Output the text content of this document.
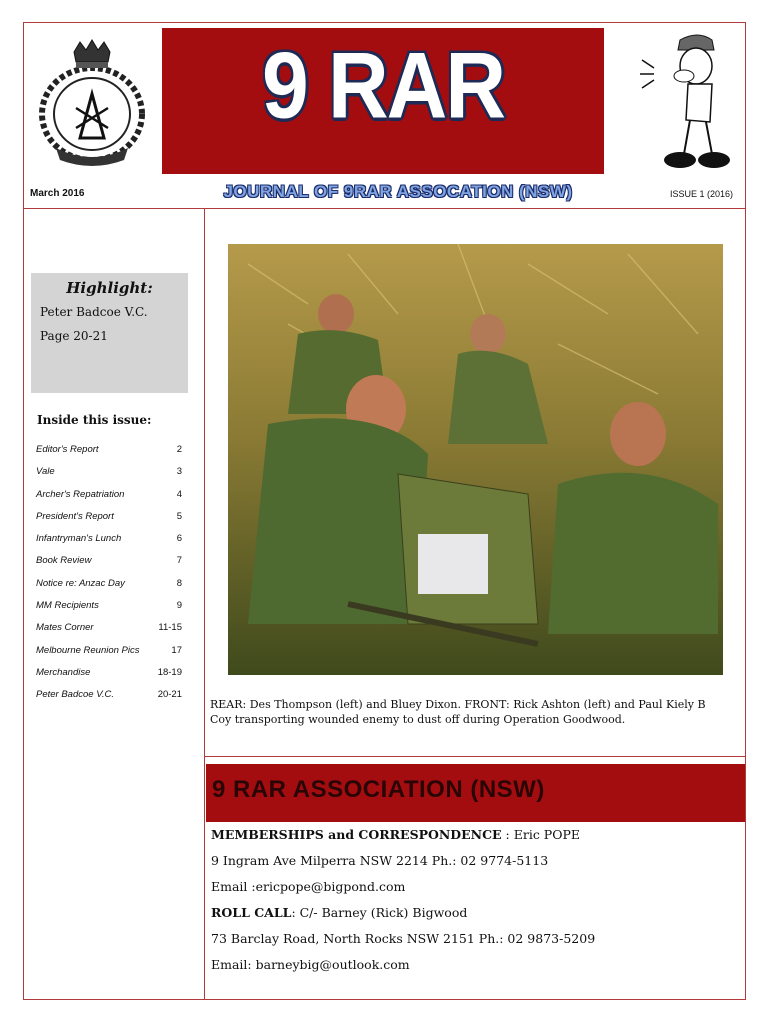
9 RAR
March 2016	JOURNAL OF 9RAR ASSOCATION (NSW)	ISSUE 1 (2016)
Highlight:
Peter Badcoe V.C.
Page 20-21
Inside this issue:
Editor's Report	2
Vale	3
Archer's Repatriation	4
President's Report	5
Infantryman's Lunch	6
Book Review	7
Notice re: Anzac Day	8
MM Recipients	9
Mates Corner	11-15
Melbourne Reunion Pics	17
Merchandise	18-19
Peter Badcoe V.C.	20-21
REAR: Des Thompson (left) and Bluey Dixon. FRONT: Rick Ashton (left) and Paul Kiely B Coy transporting wounded enemy to dust off during Operation Goodwood.
9 RAR ASSOCIATION (NSW)
MEMBERSHIPS and CORRESPONDENCE : Eric POPE
9 Ingram Ave Milperra NSW 2214 Ph.: 02 9774-5113
Email :ericpope@bigpond.com
ROLL CALL: C/- Barney (Rick) Bigwood
73 Barclay Road, North Rocks NSW 2151 Ph.: 02 9873-5209
Email: barneybig@outlook.com
